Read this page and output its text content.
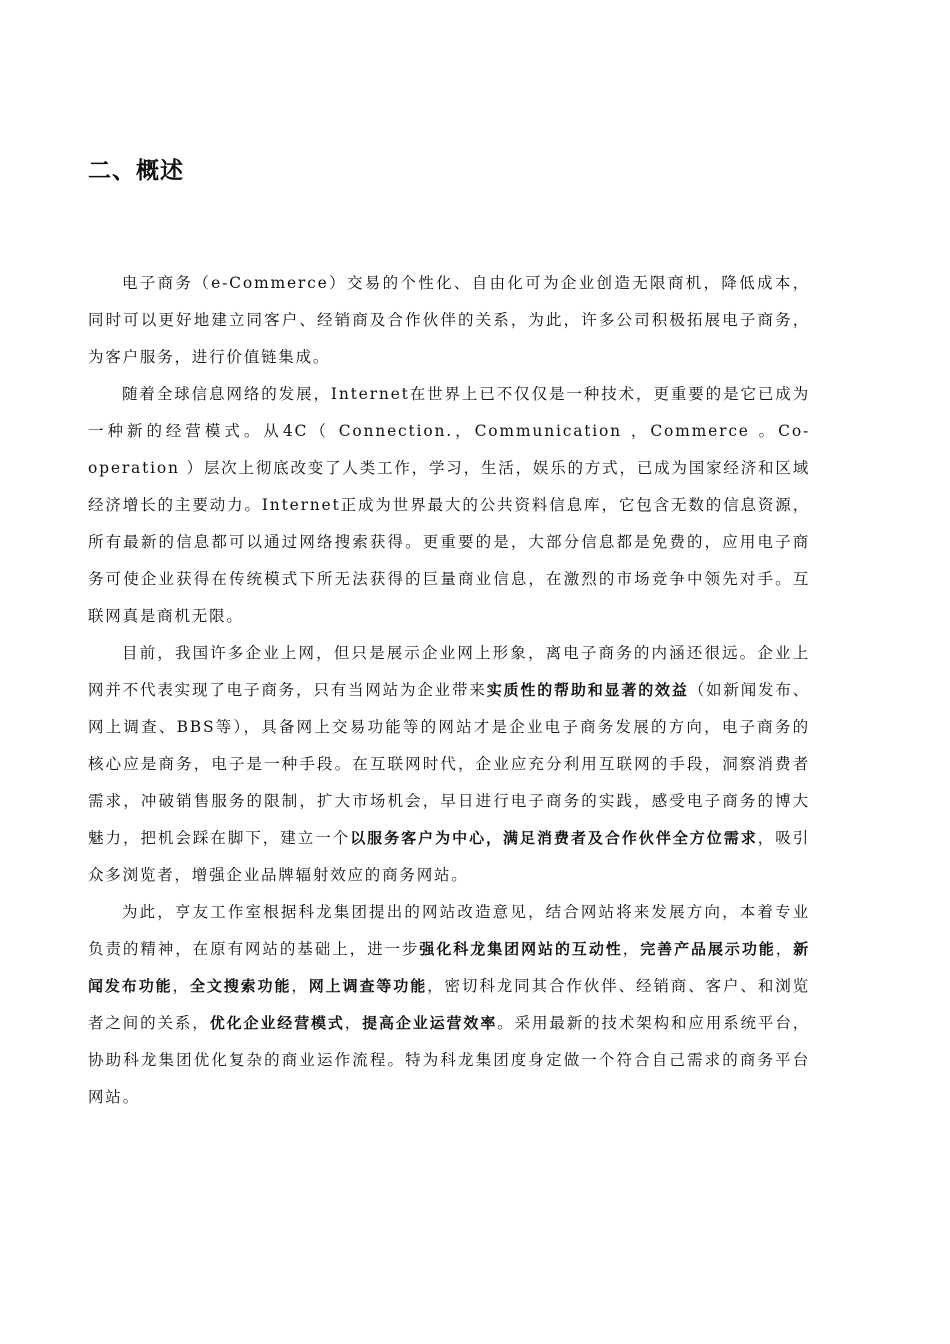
二、概述

电子商务（e-Commerce）交易的个性化、自由化可为企业创造无限商机，降低成本，同时可以更好地建立同客户、经销商及合作伙伴的关系，为此，许多公司积极拓展电子商务，为客户服务，进行价值链集成。

随着全球信息网络的发展，Internet在世界上已不仅仅是一种技术，更重要的是它已成为一种新的经营模式。从4C（ Connection.，Communication ，Commerce 。Co-operation ）层次上彻底改变了人类工作，学习，生活，娱乐的方式，已成为国家经济和区域经济增长的主要动力。Internet正成为世界最大的公共资料信息库，它包含无数的信息资源，所有最新的信息都可以通过网络搜索获得。更重要的是，大部分信息都是免费的，应用电子商务可使企业获得在传统模式下所无法获得的巨量商业信息，在激烈的市场竞争中领先对手。互联网真是商机无限。

目前，我国许多企业上网，但只是展示企业网上形象，离电子商务的内涵还很远。企业上网并不代表实现了电子商务，只有当网站为企业带来实质性的帮助和显著的效益（如新闻发布、网上调查、BBS等），具备网上交易功能等的网站才是企业电子商务发展的方向，电子商务的核心应是商务，电子是一种手段。在互联网时代，企业应充分利用互联网的手段，洞察消费者需求，冲破销售服务的限制，扩大市场机会，早日进行电子商务的实践，感受电子商务的博大魅力，把机会踩在脚下，建立一个以服务客户为中心，满足消费者及合作伙伴全方位需求，吸引众多浏览者，增强企业品牌辐射效应的商务网站。

为此，亨友工作室根据科龙集团提出的网站改造意见，结合网站将来发展方向，本着专业负责的精神，在原有网站的基础上，进一步强化科龙集团网站的互动性，完善产品展示功能，新闻发布功能，全文搜索功能，网上调查等功能，密切科龙同其合作伙伴、经销商、客户、和浏览者之间的关系，优化企业经营模式，提高企业运营效率。采用最新的技术架构和应用系统平台，协助科龙集团优化复杂的商业运作流程。特为科龙集团度身定做一个符合自己需求的商务平台网站。
